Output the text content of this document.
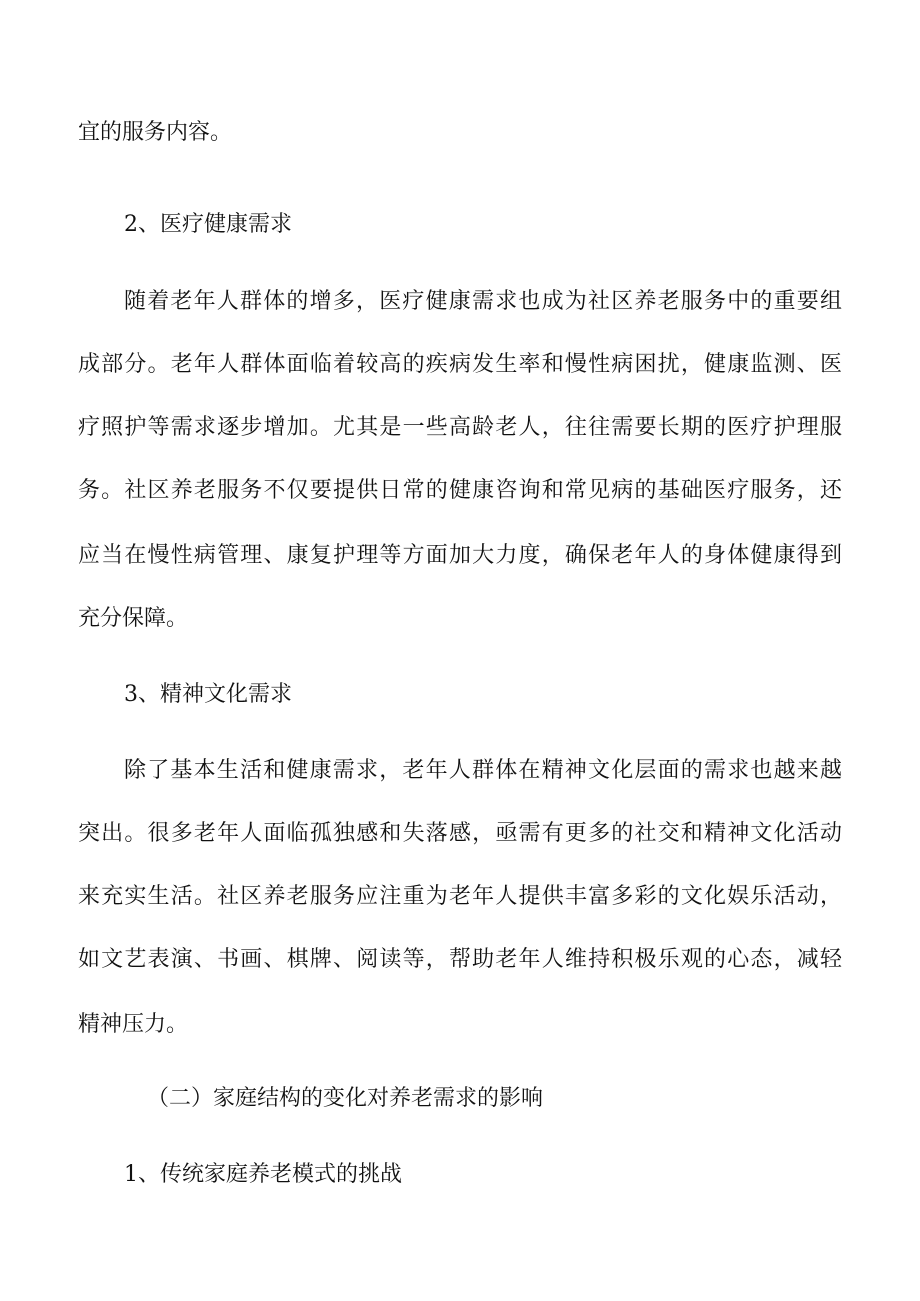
宜的服务内容。
2、医疗健康需求
随着老年人群体的增多，医疗健康需求也成为社区养老服务中的重要组
成部分。老年人群体面临着较高的疾病发生率和慢性病困扰，健康监测、医
疗照护等需求逐步增加。尤其是一些高龄老人，往往需要长期的医疗护理服
务。社区养老服务不仅要提供日常的健康咨询和常见病的基础医疗服务，还
应当在慢性病管理、康复护理等方面加大力度，确保老年人的身体健康得到
充分保障。
3、精神文化需求
除了基本生活和健康需求，老年人群体在精神文化层面的需求也越来越
突出。很多老年人面临孤独感和失落感，亟需有更多的社交和精神文化活动
来充实生活。社区养老服务应注重为老年人提供丰富多彩的文化娱乐活动，
如文艺表演、书画、棋牌、阅读等，帮助老年人维持积极乐观的心态，减轻
精神压力。
（二）家庭结构的变化对养老需求的影响
1、传统家庭养老模式的挑战
